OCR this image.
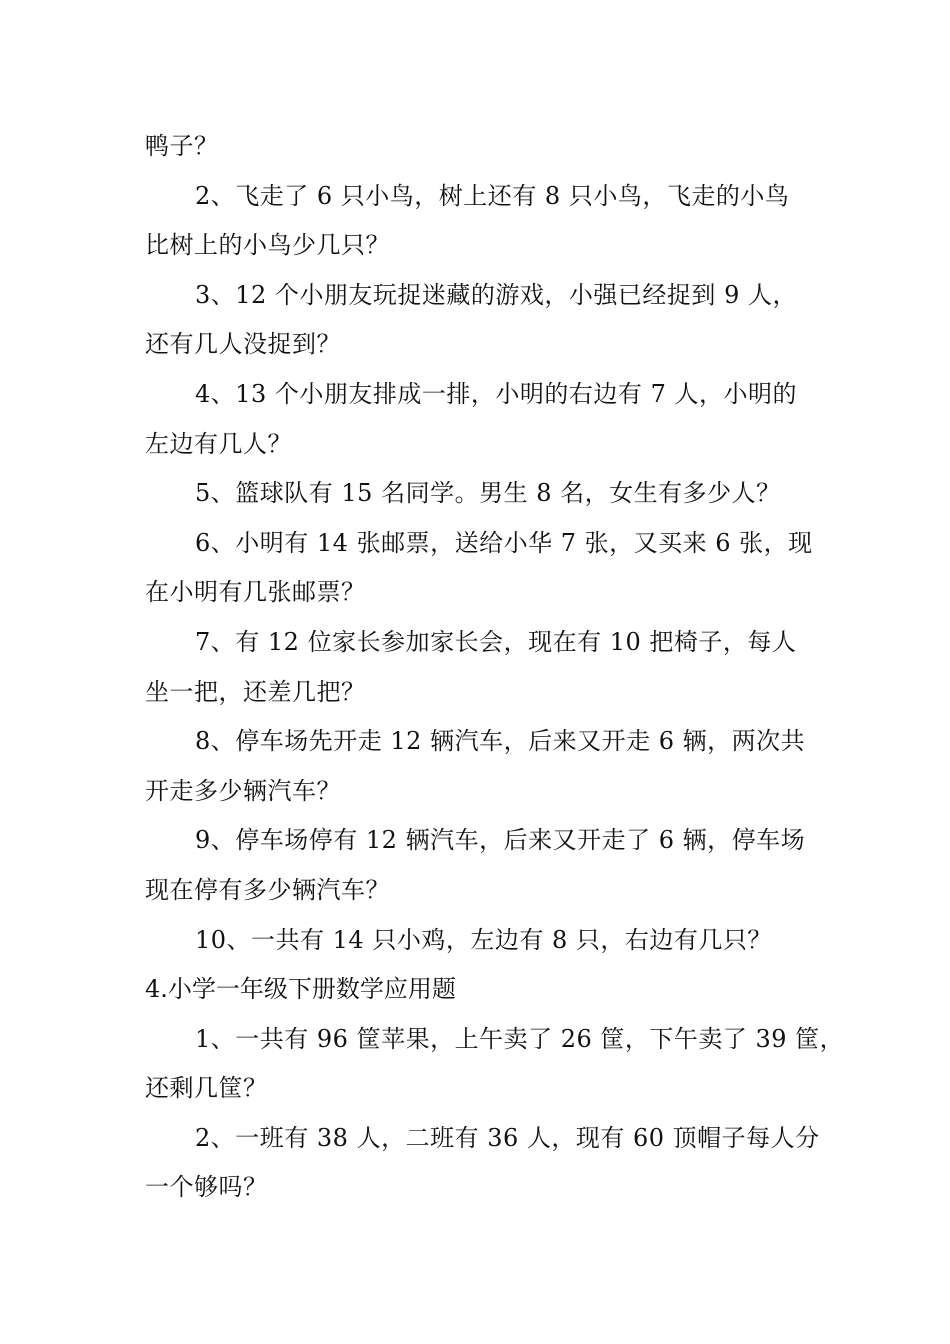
鸭子？
2、飞走了 6 只小鸟，树上还有 8 只小鸟，飞走的小鸟
比树上的小鸟少几只？
3、12 个小朋友玩捉迷藏的游戏，小强已经捉到 9 人，
还有几人没捉到？
4、13 个小朋友排成一排，小明的右边有 7 人，小明的
左边有几人？
5、篮球队有 15 名同学。男生 8 名，女生有多少人？
6、小明有 14 张邮票，送给小华 7 张，又买来 6 张，现
在小明有几张邮票？
7、有 12 位家长参加家长会，现在有 10 把椅子，每人
坐一把，还差几把？
8、停车场先开走 12 辆汽车，后来又开走 6 辆，两次共
开走多少辆汽车？
9、停车场停有 12 辆汽车，后来又开走了 6 辆，停车场
现在停有多少辆汽车？
10、一共有 14 只小鸡，左边有 8 只，右边有几只？
4.小学一年级下册数学应用题
1、一共有 96 筐苹果，上午卖了 26 筐，下午卖了 39 筐，
还剩几筐？
2、一班有 38 人，二班有 36 人，现有 60 顶帽子每人分
一个够吗？
